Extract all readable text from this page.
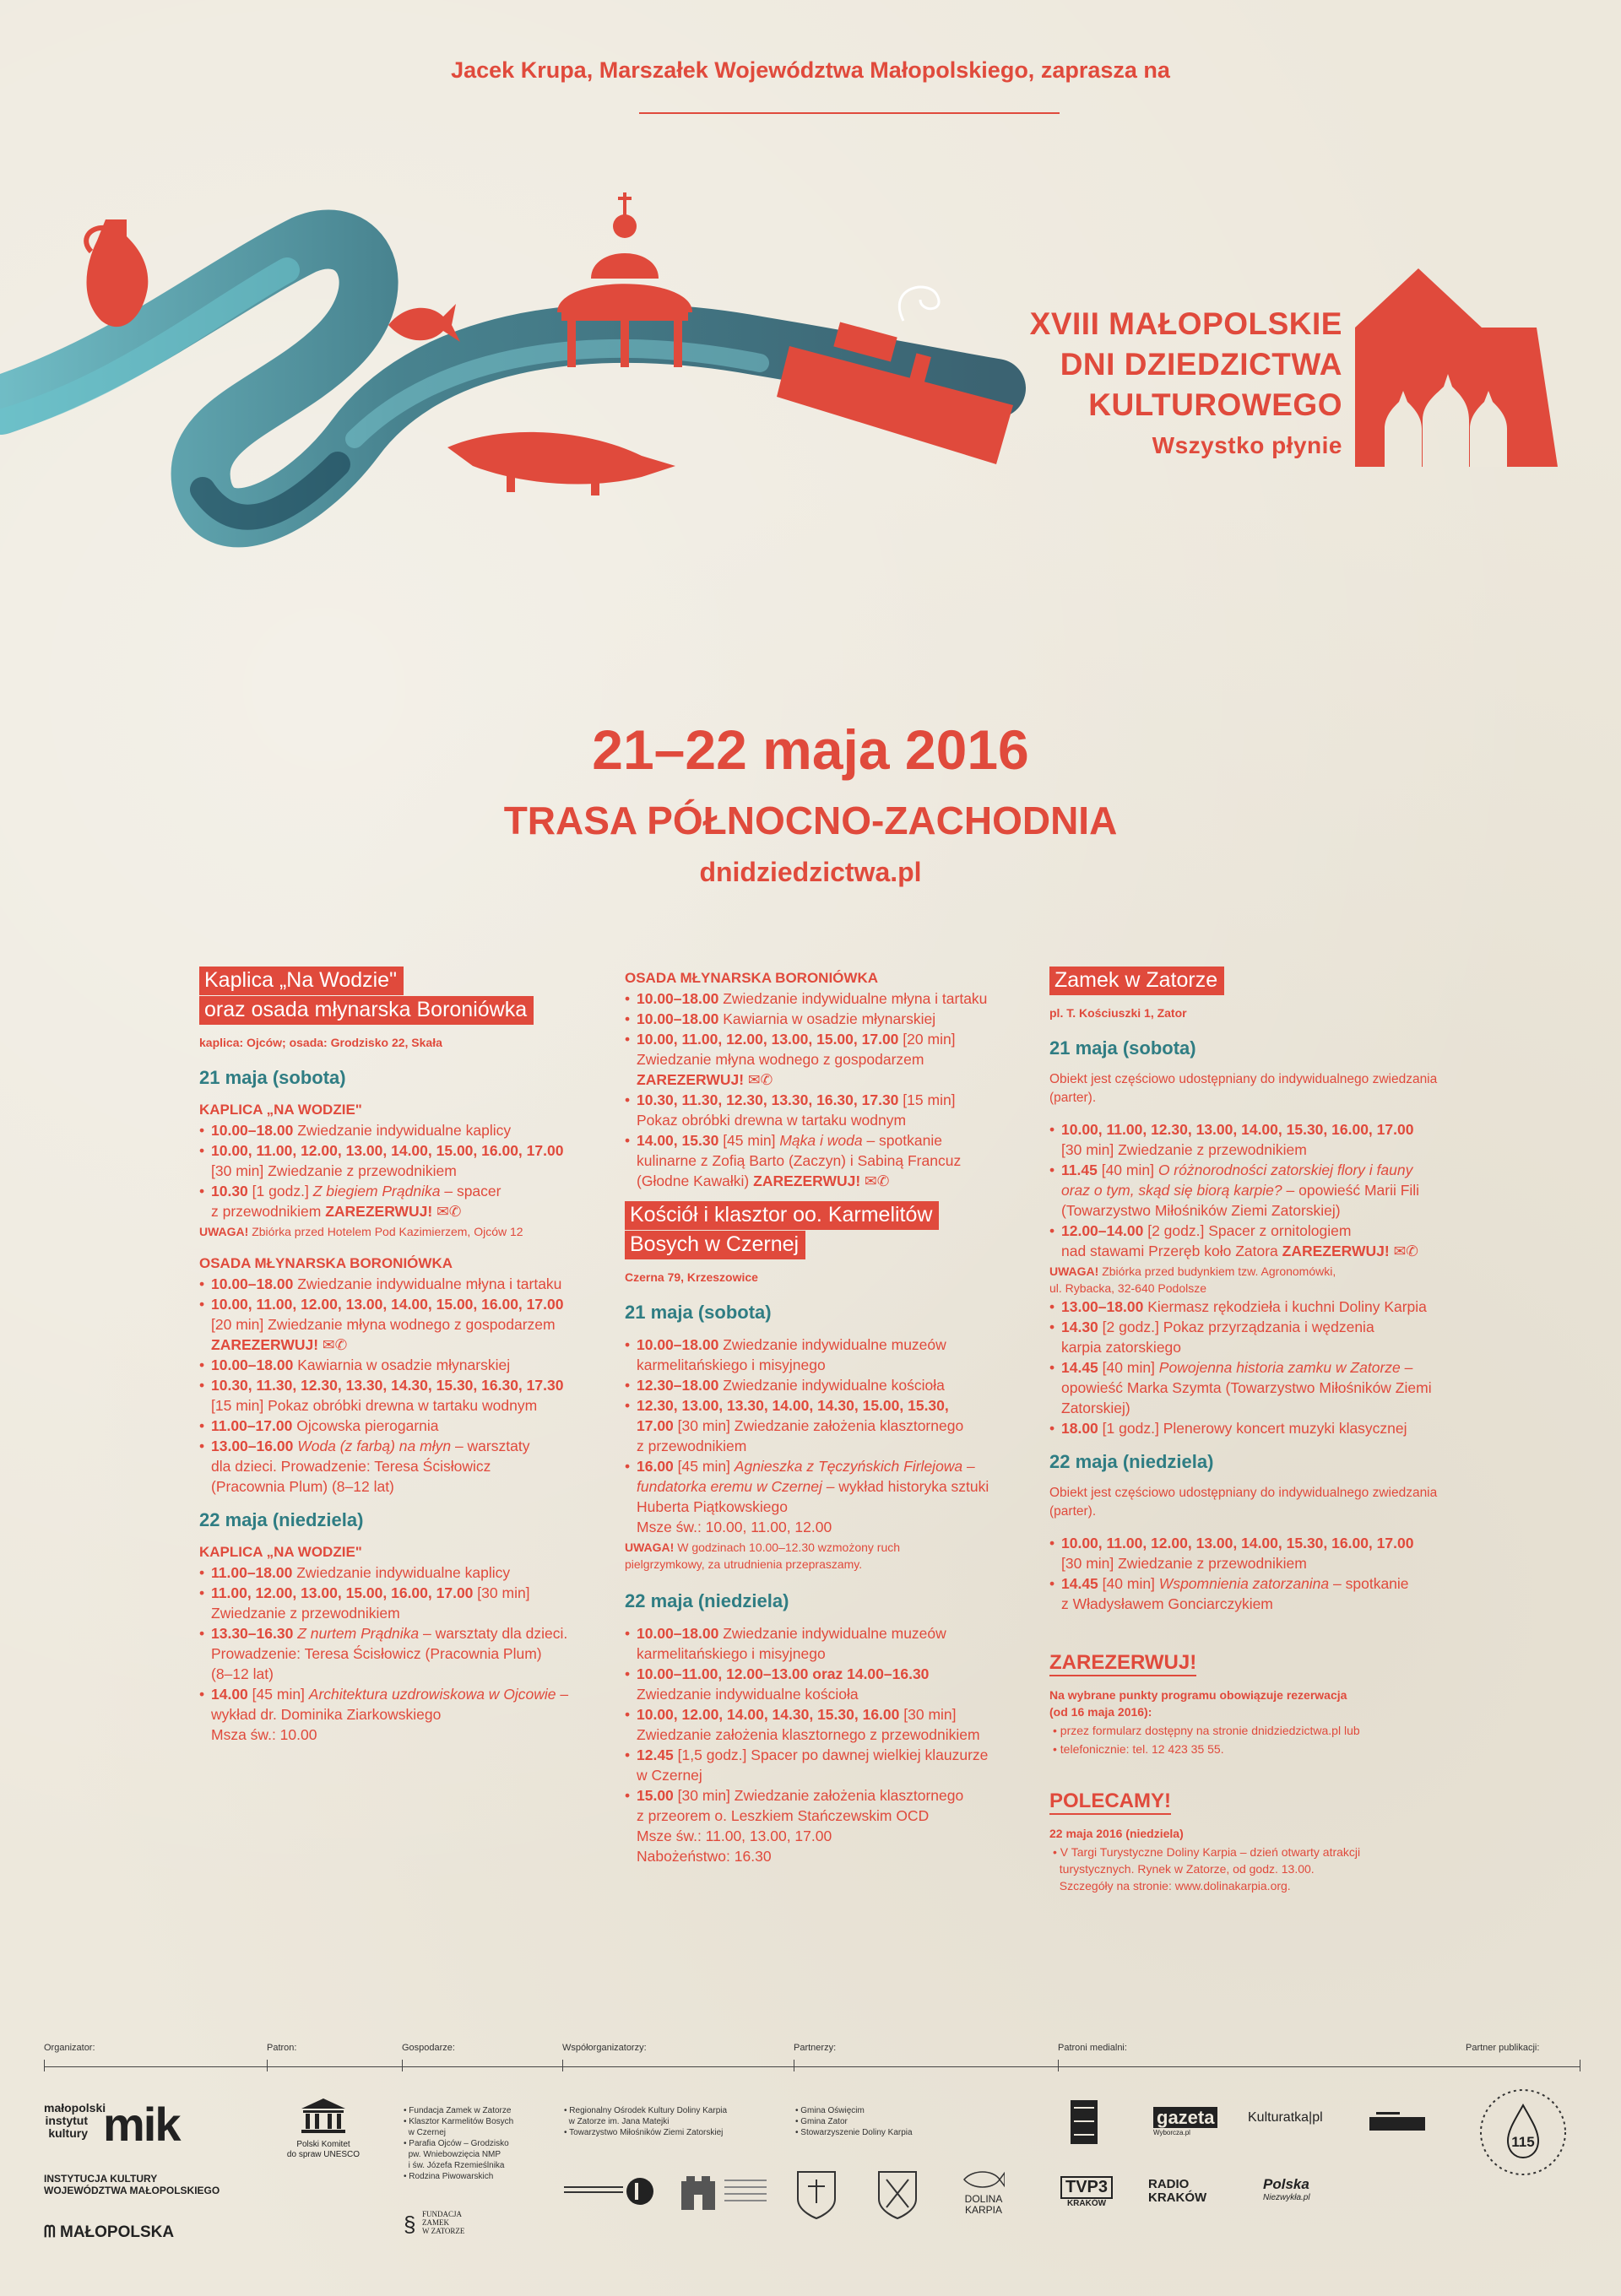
Jacek Krupa, Marszałek Województwa Małopolskiego, zaprasza na
XVIII MAŁOPOLSKIE
DNI DZIEDZICTWA
KULTUROWEGO
Wszystko płynie
21–22 maja 2016
TRASA PÓŁNOCNO-ZACHODNIA
dnidziedzictwa.pl
Kaplica „Na Wodzie"
oraz osada młynarska Boroniówka
kaplica: Ojców; osada: Grodzisko 22, Skała
21 maja (sobota)
KAPLICA „NA WODZIE"
• 10.00–18.00 Zwiedzanie indywidualne kaplicy
• 10.00, 11.00, 12.00, 13.00, 14.00, 15.00, 16.00, 17.00
[30 min] Zwiedzanie z przewodnikiem
• 10.30 [1 godz.] Z biegiem Prądnika – spacer
z przewodnikiem ZAREZERWUJ! ✉✆
UWAGA! Zbiórka przed Hotelem Pod Kazimierzem, Ojców 12
OSADA MŁYNARSKA BORONIÓWKA
• 10.00–18.00 Zwiedzanie indywidualne młyna i tartaku
• 10.00, 11.00, 12.00, 13.00, 14.00, 15.00, 16.00, 17.00
[20 min] Zwiedzanie młyna wodnego z gospodarzem
ZAREZERWUJ! ✉✆
• 10.00–18.00 Kawiarnia w osadzie młynarskiej
• 10.30, 11.30, 12.30, 13.30, 14.30, 15.30, 16.30, 17.30
[15 min] Pokaz obróbki drewna w tartaku wodnym
• 11.00–17.00 Ojcowska pierogarnia
• 13.00–16.00 Woda (z farbą) na młyn – warsztaty
dla dzieci. Prowadzenie: Teresa Ścisłowicz
(Pracownia Plum) (8–12 lat)
22 maja (niedziela)
KAPLICA „NA WODZIE"
• 11.00–18.00 Zwiedzanie indywidualne kaplicy
• 11.00, 12.00, 13.00, 15.00, 16.00, 17.00 [30 min]
Zwiedzanie z przewodnikiem
• 13.30–16.30 Z nurtem Prądnika – warsztaty dla dzieci.
Prowadzenie: Teresa Ścisłowicz (Pracownia Plum)
(8–12 lat)
• 14.00 [45 min] Architektura uzdrowiskowa w Ojcowie –
wykład dr. Dominika Ziarkowskiego
Msza św.: 10.00
OSADA MŁYNARSKA BORONIÓWKA
• 10.00–18.00 Zwiedzanie indywidualne młyna i tartaku
• 10.00–18.00 Kawiarnia w osadzie młynarskiej
• 10.00, 11.00, 12.00, 13.00, 15.00, 17.00 [20 min]
Zwiedzanie młyna wodnego z gospodarzem
ZAREZERWUJ! ✉✆
• 10.30, 11.30, 12.30, 13.30, 16.30, 17.30 [15 min]
Pokaz obróbki drewna w tartaku wodnym
• 14.00, 15.30 [45 min] Mąka i woda – spotkanie
kulinarne z Zofią Barto (Zaczyn) i Sabiną Francuz
(Głodne Kawałki) ZAREZERWUJ! ✉✆
Kościół i klasztor oo. Karmelitów
Bosych w Czernej
Czerna 79, Krzeszowice
21 maja (sobota)
• 10.00–18.00 Zwiedzanie indywidualne muzeów
karmelitańskiego i misyjnego
• 12.30–18.00 Zwiedzanie indywidualne kościoła
• 12.30, 13.00, 13.30, 14.00, 14.30, 15.00, 15.30,
17.00 [30 min] Zwiedzanie założenia klasztornego
z przewodnikiem
• 16.00 [45 min] Agnieszka z Tęczyńskich Firlejowa –
fundatorka eremu w Czernej – wykład historyka sztuki
Huberta Piątkowskiego
Msze św.: 10.00, 11.00, 12.00
UWAGA! W godzinach 10.00–12.30 wzmożony ruch
pielgrzymkowy, za utrudnienia przepraszamy.
22 maja (niedziela)
• 10.00–18.00 Zwiedzanie indywidualne muzeów
karmelitańskiego i misyjnego
• 10.00–11.00, 12.00–13.00 oraz 14.00–16.30
Zwiedzanie indywidualne kościoła
• 10.00, 12.00, 14.00, 14.30, 15.30, 16.00 [30 min]
Zwiedzanie założenia klasztornego z przewodnikiem
• 12.45 [1,5 godz.] Spacer po dawnej wielkiej klauzurze
w Czernej
• 15.00 [30 min] Zwiedzanie założenia klasztornego
z przeorem o. Leszkiem Stańczewskim OCD
Msze św.: 11.00, 13.00, 17.00
Nabożeństwo: 16.30
Zamek w Zatorze
pl. T. Kościuszki 1, Zator
21 maja (sobota)
Obiekt jest częściowo udostępniany do indywidualnego zwiedzania
(parter).
• 10.00, 11.00, 12.30, 13.00, 14.00, 15.30, 16.00, 17.00
[30 min] Zwiedzanie z przewodnikiem
• 11.45 [40 min] O różnorodności zatorskiej flory i fauny
oraz o tym, skąd się biorą karpie? – opowieść Marii Fili
(Towarzystwo Miłośników Ziemi Zatorskiej)
• 12.00–14.00 [2 godz.] Spacer z ornitologiem
nad stawami Przeręb koło Zatora ZAREZERWUJ! ✉✆
UWAGA! Zbiórka przed budynkiem tzw. Agronomówki,
ul. Rybacka, 32-640 Podolsze
• 13.00–18.00 Kiermasz rękodzieła i kuchni Doliny Karpia
• 14.30 [2 godz.] Pokaz przyrządzania i wędzenia
karpia zatorskiego
• 14.45 [40 min] Powojenna historia zamku w Zatorze –
opowieść Marka Szymta (Towarzystwo Miłośników Ziemi
Zatorskiej)
• 18.00 [1 godz.] Plenerowy koncert muzyki klasycznej
22 maja (niedziela)
Obiekt jest częściowo udostępniany do indywidualnego zwiedzania
(parter).
• 10.00, 11.00, 12.00, 13.00, 14.00, 15.30, 16.00, 17.00
[30 min] Zwiedzanie z przewodnikiem
• 14.45 [40 min] Wspomnienia zatorzanina – spotkanie
z Władysławem Gonciarczykiem
ZAREZERWUJ!
Na wybrane punkty programu obowiązuje rezerwacja
(od 16 maja 2016):
• przez formularz dostępny na stronie dnidziedzictwa.pl lub
• telefonicznie: tel. 12 423 35 55.
POLECAMY!
22 maja 2016 (niedziela)
• V Targi Turystyczne Doliny Karpia – dzień otwarty atrakcji
turystycznych. Rynek w Zatorze, od godz. 13.00.
Szczegóły na stronie: www.dolinakarpia.org.
Organizator:	Patron:	Gospodarze:	Współorganizatorzy:	Partnerzy:	Patroni medialni:	Partner publikacji:
małopolski
instytut
kultury mik
INSTYTUCJA KULTURY
WOJEWÓDZTWA MAŁOPOLSKIEGO
ᗰ MAŁOPOLSKA
Polski Komitet
do spraw UNESCO
• Fundacja Zamek w Zatorze
• Klasztor Karmelitów Bosych
w Czernej
• Parafia Ojców – Grodzisko
pw. Wniebowzięcia NMP
i św. Józefa Rzemieślnika
• Rodzina Piwowarskich
§ FUNDACJA
ZAMEK
W ZATORZE
• Regionalny Ośrodek Kultury Doliny Karpia
w Zatorze im. Jana Matejki
• Towarzystwo Miłośników Ziemi Zatorskiej
• Gmina Oświęcim
• Gmina Zator
• Stowarzyszenie Doliny Karpia
DOLINA
KARPIA
gazeta
Wyborcza.pl
Kulturatka|pl
TVP3
KRAKÓW
RADIO
KRAKÓW
Polska
Niezwykła.pl
115
